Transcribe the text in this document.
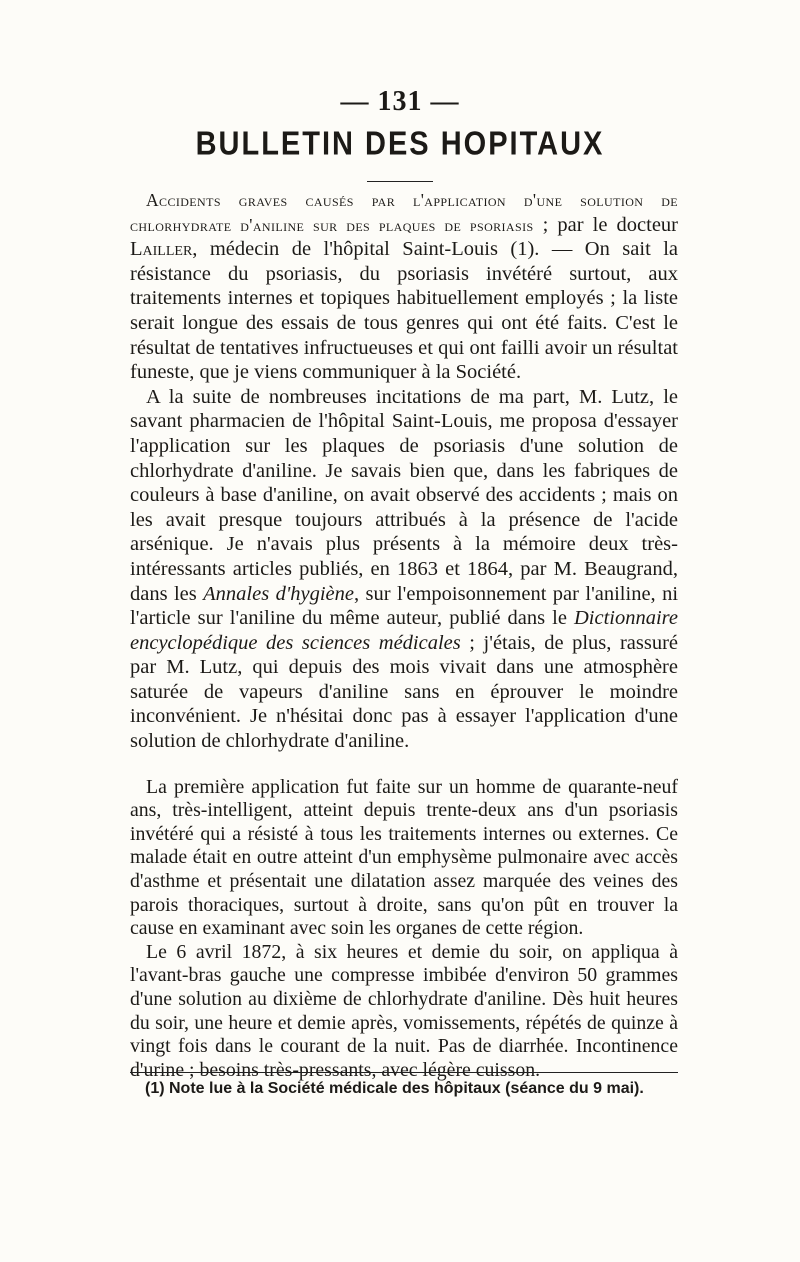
— 131 —
BULLETIN DES HOPITAUX

Accidents graves causés par l'application d'une solution de chlorhydrate d'aniline sur des plaques de psoriasis ; par le docteur Lailler, médecin de l'hôpital Saint-Louis (1). — On sait la résistance du psoriasis, du psoriasis invétéré surtout, aux traitements internes et topiques habituellement employés ; la liste serait longue des essais de tous genres qui ont été faits. C'est le résultat de tentatives infructueuses et qui ont failli avoir un résultat funeste, que je viens communiquer à la Société.

A la suite de nombreuses incitations de ma part, M. Lutz, le savant pharmacien de l'hôpital Saint-Louis, me proposa d'essayer l'application sur les plaques de psoriasis d'une solution de chlorhydrate d'aniline. Je savais bien que, dans les fabriques de couleurs à base d'aniline, on avait observé des accidents ; mais on les avait presque toujours attribués à la présence de l'acide arsénique. Je n'avais plus présents à la mémoire deux très-intéressants articles publiés, en 1863 et 1864, par M. Beaugrand, dans les Annales d'hygiène, sur l'empoisonnement par l'aniline, ni l'article sur l'aniline du même auteur, publié dans le Dictionnaire encyclopédique des sciences médicales ; j'étais, de plus, rassuré par M. Lutz, qui depuis des mois vivait dans une atmosphère saturée de vapeurs d'aniline sans en éprouver le moindre inconvénient. Je n'hésitai donc pas à essayer l'application d'une solution de chlorhydrate d'aniline.

La première application fut faite sur un homme de quarante-neuf ans, très-intelligent, atteint depuis trente-deux ans d'un psoriasis invétéré qui a résisté à tous les traitements internes ou externes. Ce malade était en outre atteint d'un emphysème pulmonaire avec accès d'asthme et présentait une dilatation assez marquée des veines des parois thoraciques, surtout à droite, sans qu'on pût en trouver la cause en examinant avec soin les organes de cette région.

Le 6 avril 1872, à six heures et demie du soir, on appliqua à l'avant-bras gauche une compresse imbibée d'environ 50 grammes d'une solution au dixième de chlorhydrate d'aniline. Dès huit heures du soir, une heure et demie après, vomissements, répétés de quinze à vingt fois dans le courant de la nuit. Pas de diarrhée. Incontinence d'urine ; besoins très-pressants, avec légère cuisson.

(1) Note lue à la Société médicale des hôpitaux (séance du 9 mai).
